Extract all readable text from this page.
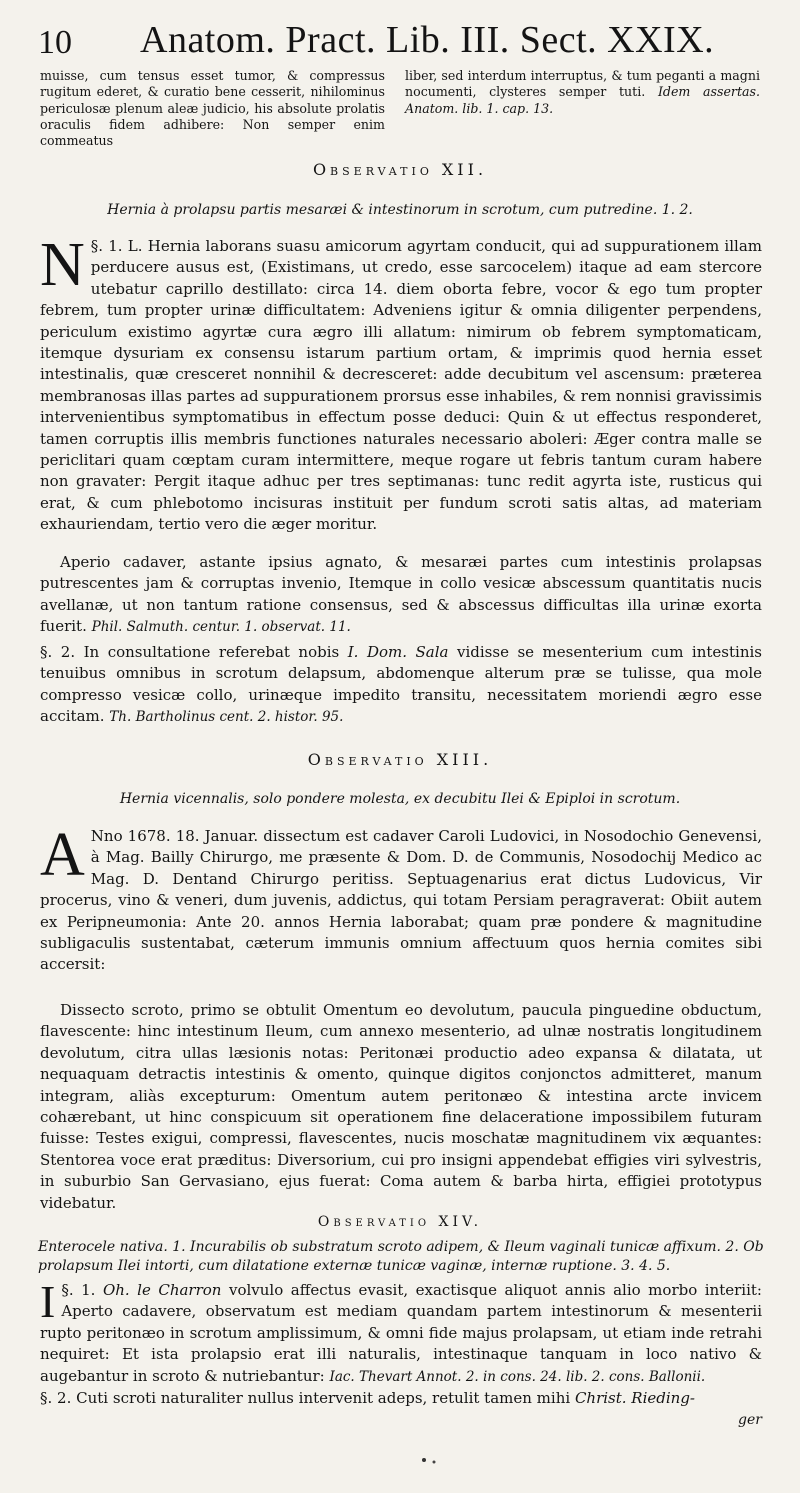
10 Anatom. Pract. Lib. III. Sect. XXIX.
muisse, cum tensus esset tumor, & compressus rugitum ederet, & curatio bene cesserit, nihilominus periculosæ plenum aleæ judicio, his absolute prolatis oraculis fidem adhibere: Non semper enim commeatus
liber, sed interdum interruptus, & tum peganti a magni nocumenti, clysteres semper tuti. Idem assertas. Anatom. lib. 1. cap. 13.
Observatio XII.
Hernia à prolapsu partis mesaræi & intestinorum in scrotum, cum putredine. 1. 2.
N §. 1. L. Hernia laborans suasu amicorum agyrtam conducit, qui ad suppurationem illam perducere ausus est, (Existimans, ut credo, esse sarcocelem) itaque ad eam stercore utebatur caprillo destillato: circa 14. diem oborta febre, vocor & ego tum propter febrem, tum propter urinæ difficultatem: Adveniens igitur & omnia diligenter perpendens, periculum existimo agyrtæ cura ægro illi allatum: nimirum ob febrem symptomaticam, itemque dysuriam ex consensu istarum partium ortam, & imprimis quod hernia esset intestinalis, quæ cresceret nonnihil & decresceret: adde decubitum vel ascensum: præterea membranosas illas partes ad suppurationem prorsus esse inhabiles, & rem nonnisi gravissimis intervenientibus symptomatibus in effectum posse deduci: Quin & ut effectus responderet, tamen corruptis illis membris functiones naturales necessario aboleri: Æger contra malle se periclitari quam cœptam curam intermittere, meque rogare ut febris tantum curam habere non gravater: Pergit itaque adhuc per tres septimanas: tunc redit agyrta iste, rusticus qui erat, & cum phlebotomo incisuras instituit per fundum scroti satis altas, ad materiam exhauriendam, tertio vero die æger moritur.
Aperio cadaver, astante ipsius agnato, & mesaræi partes cum intestinis prolapsas putrescentes jam & corruptas invenio, Itemque in collo vesicæ abscessum quantitatis nucis avellanæ, ut non tantum ratione consensus, sed & abscessus difficultas illa urinæ exorta fuerit. Phil. Salmuth. centur. 1. observat. 11.
§. 2. In consultatione referebat nobis I. Dom. Sala vidisse se mesenterium cum intestinis tenuibus omnibus in scrotum delapsum, abdomenque alterum præ se tulisse, qua mole compresso vesicæ collo, urinæque impedito transitu, necessitatem moriendi ægro esse accitam. Th. Bartholinus cent. 2. histor. 95.
Observatio XIII.
Hernia vicennalis, solo pondere molesta, ex decubitu Ilei & Epiploi in scrotum.
A Nno 1678. 18. Januar. dissectum est cadaver Caroli Ludovici, in Nosodochio Genevensi, à Mag. Bailly Chirurgo, me præsente & Dom. D. de Communis, Nosodochij Medico ac Mag. D. Dentand Chirurgo peritiss. Septuagenarius erat dictus Ludovicus, Vir procerus, vino & veneri, dum juvenis, addictus, qui totam Persiam peragraverat: Obiit autem ex Peripneumonia: Ante 20. annos Hernia laborabat; quam præ pondere & magnitudine subligaculis sustentabat, cæterum immunis omnium affectuum quos hernia comites sibi accersit:
Dissecto scroto, primo se obtulit Omentum eo devolutum, paucula pinguedine obductum, flavescente: hinc intestinum Ileum, cum annexo mesenterio, ad ulnæ nostratis longitudinem devolutum, citra ullas læsionis notas: Peritonæi productio adeo expansa & dilatata, ut nequaquam detractis intestinis & omento, quinque digitos conjonctos admitteret, manum integram, aliàs excepturum: Omentum autem peritonæo & intestina arcte invicem cohærebant, ut hinc conspicuum sit operationem fine delaceratione impossibilem futuram fuisse: Testes exigui, compressi, flavescentes, nucis moschatæ magnitudinem vix æquantes: Stentorea voce erat præditus: Diversorium, cui pro insigni appendebat effigies viri sylvestris, in suburbio San Gervasiano, ejus fuerat: Coma autem & barba hirta, effigiei prototypus videbatur.
Observatio XIV.
Enterocele nativa. 1. Incurabilis ob substratum scroto adipem, & Ileum vaginali tunicæ affixum. 2. Ob prolapsum Ilei intorti, cum dilatatione externæ tunicæ vaginæ, internæ ruptione. 3. 4. 5.
§. 1.
I	Oh. le Charron volvulo affectus evasit, exactisque aliquot annis alio morbo interiit: Aperto cadavere, observatum est mediam quandam partem intestinorum & mesenterii rupto peritonæo in scrotum amplissimum, & omni fide majus prolapsam, ut etiam inde retrahi nequiret: Et ista prolapsio erat illi naturalis, intestinaque tanquam in loco nativo & augebantur in scroto & nutriebantur: Iac. Thevart Annot. 2. in cons. 24. lib. 2. cons. Ballonii.
§. 2. Cuti scroti naturaliter nullus intervenit adeps, retulit tamen mihi Christ. Rieding-
ger
